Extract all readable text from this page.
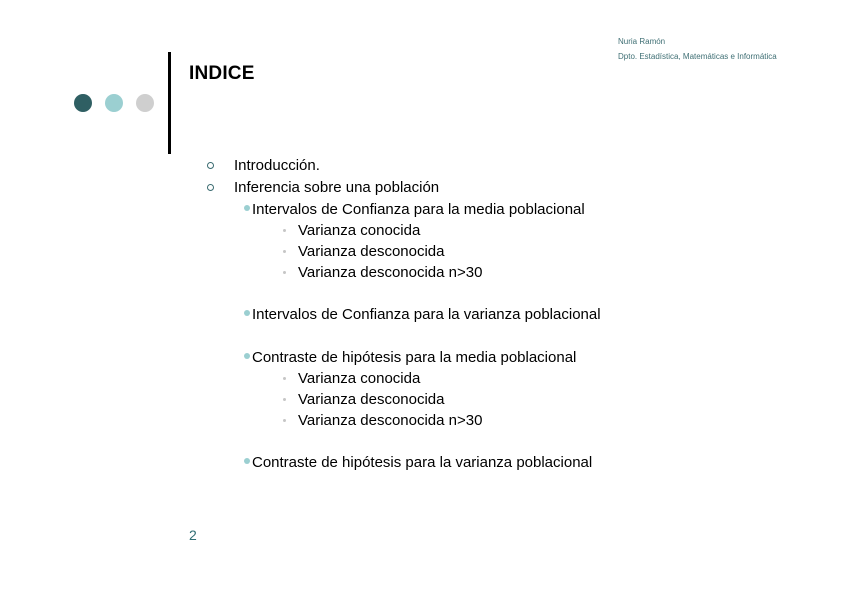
Nuria Ramón
Dpto. Estadística, Matemáticas e Informática
INDICE
Introducción.
Inferencia sobre una población
Intervalos de Confianza para la media poblacional
Varianza conocida
Varianza desconocida
Varianza desconocida n>30
Intervalos de Confianza para la varianza poblacional
Contraste de hipótesis para la media poblacional
Varianza conocida
Varianza desconocida
Varianza desconocida n>30
Contraste de hipótesis para la varianza poblacional
2
